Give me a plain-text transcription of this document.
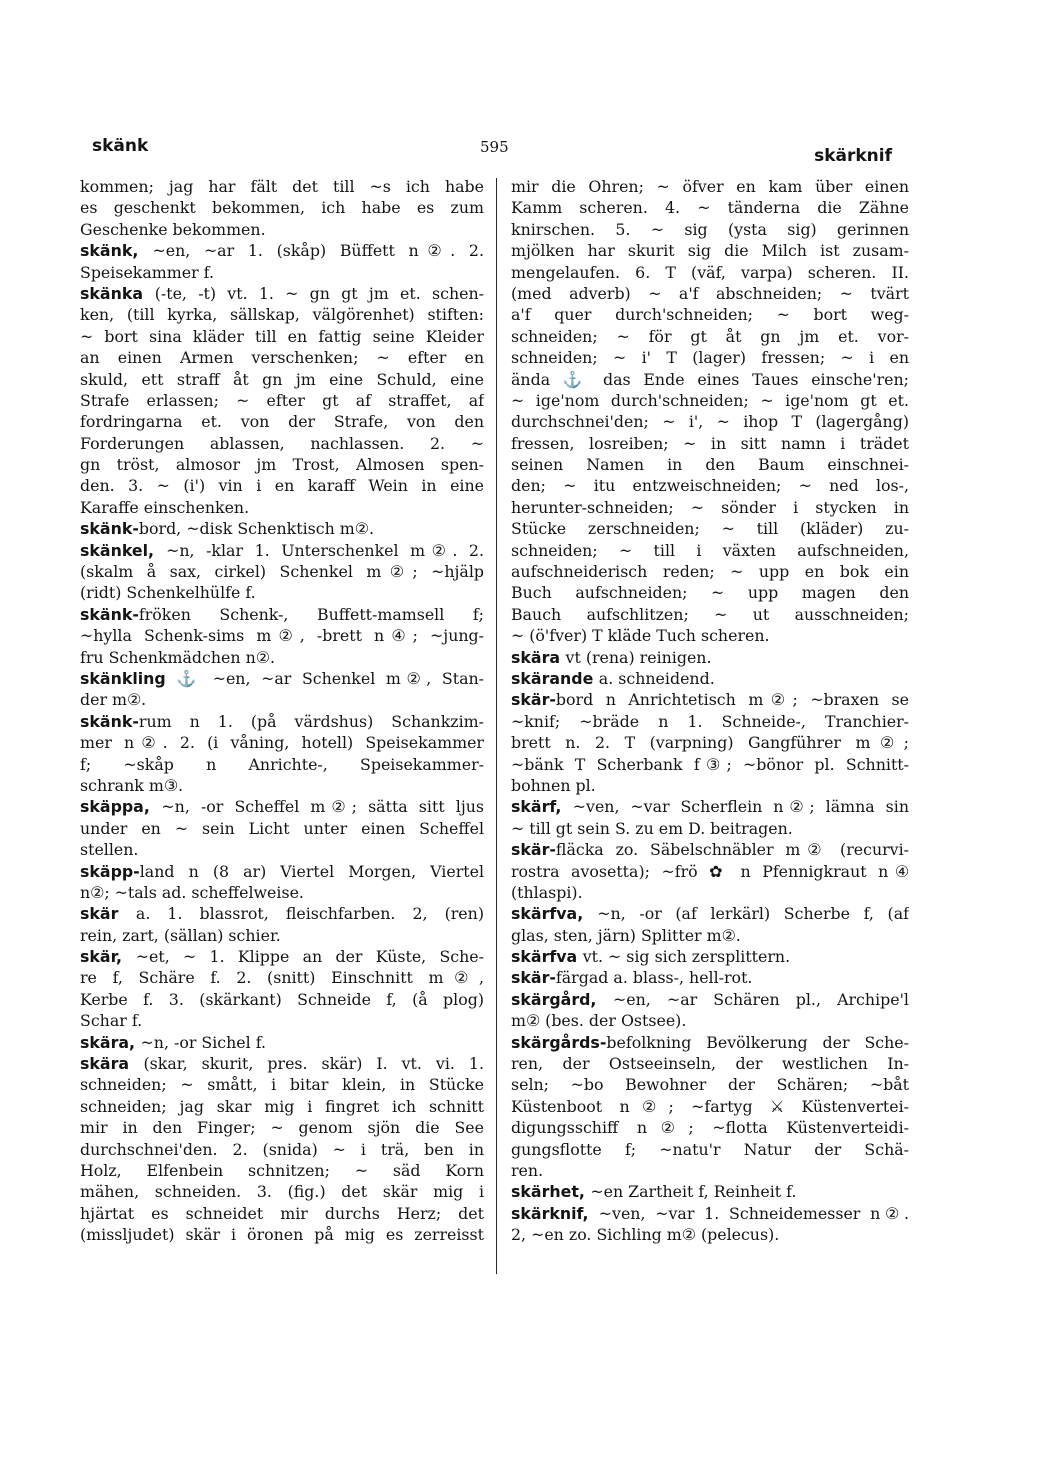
skänk	595	skärknif
kommen; jag har fält det till ~s ich habe
es geschenkt bekommen, ich habe es zum
Geschenke bekommen.
skänk, ~en, ~ar 1. (skåp) Büffett n②. 2.
Speisekammer f.
skänka (-te, -t) vt. 1. ~ gn gt jm et. schen-
ken, (till kyrka, sällskap, välgörenhet) stiften:
~ bort sina kläder till en fattig seine Kleider
an einen Armen verschenken; ~ efter en
skuld, ett straff åt gn jm eine Schuld, eine
Strafe erlassen; ~ efter gt af straffet, af
fordringarna et. von der Strafe, von den
Forderungen ablassen, nachlassen. 2. ~
gn tröst, almosor jm Trost, Almosen spen-
den. 3. ~ (i') vin i en karaff Wein in eine
Karaffe einschenken.
skänk-bord, ~disk Schenktisch m②.
skänkel, ~n, -klar 1. Unterschenkel m②. 2.
(skalm å sax, cirkel) Schenkel m②; ~hjälp
(ridt) Schenkelhülfe f.
skänk-fröken Schenk-, Buffett-mamsell f;
~hylla Schenk-sims m②, -brett n④; ~jung-
fru Schenkmädchen n②.
skänkling ⚓ ~en, ~ar Schenkel m②, Stan-
der m②.
skänk-rum n 1. (på värdshus) Schankzim-
mer n②. 2. (i våning, hotell) Speisekammer
f; ~skåp n Anrichte-, Speisekammer-
schrank m③.
skäppa, ~n, -or Scheffel m②; sätta sitt ljus
under en ~ sein Licht unter einen Scheffel
stellen.
skäpp-land n (8 ar) Viertel Morgen, Viertel
n②; ~tals ad. scheffelweise.
skär a. 1. blassrot, fleischfarben. 2, (ren)
rein, zart, (sällan) schier.
skär, ~et, ~ 1. Klippe an der Küste, Sche-
re f, Schäre f. 2. (snitt) Einschnitt m②,
Kerbe f. 3. (skärkant) Schneide f, (å plog)
Schar f.
skära, ~n, -or Sichel f.
skära (skar, skurit, pres. skär) I. vt. vi. 1.
schneiden; ~ smått, i bitar klein, in Stücke
schneiden; jag skar mig i fingret ich schnitt
mir in den Finger; ~ genom sjön die See
durchschnei'den. 2. (snida) ~ i trä, ben in
Holz, Elfenbein schnitzen; ~ säd Korn
mähen, schneiden. 3. (fig.) det skär mig i
hjärtat es schneidet mir durchs Herz; det
(missljudet) skär i öronen på mig es zerreisst
mir die Ohren; ~ öfver en kam über einen
Kamm scheren. 4. ~ tänderna die Zähne
knirschen. 5. ~ sig (ysta sig) gerinnen
mjölken har skurit sig die Milch ist zusam-
mengelaufen. 6. T (väf, varpa) scheren. II.
(med adverb) ~ a'f abschneiden; ~ tvärt
a'f quer durch'schneiden; ~ bort weg-
schneiden; ~ för gt åt gn jm et. vor-
schneiden; ~ i' T (lager) fressen; ~ i en
ända ⚓ das Ende eines Taues einsche'ren;
~ ige'nom durch'schneiden; ~ ige'nom gt et.
durchschnei'den; ~ i', ~ ihop T (lagergång)
fressen, losreiben; ~ in sitt namn i trädet
seinen Namen in den Baum einschnei-
den; ~ itu entzweischneiden; ~ ned los-,
herunter-schneiden; ~ sönder i stycken in
Stücke zerschneiden; ~ till (kläder) zu-
schneiden; ~ till i växten aufschneiden,
aufschneiderisch reden; ~ upp en bok ein
Buch aufschneiden; ~ upp magen den
Bauch aufschlitzen; ~ ut ausschneiden;
~ (ö'fver) T kläde Tuch scheren.
skära vt (rena) reinigen.
skärande a. schneidend.
skär-bord n Anrichtetisch m②; ~braxen se
~knif; ~bräde n 1. Schneide-, Tranchier-
brett n. 2. T (varpning) Gangführer m②;
~bänk T Scherbank f③; ~bönor pl. Schnitt-
bohnen pl.
skärf, ~ven, ~var Scherflein n②; lämna sin
~ till gt sein S. zu em D. beitragen.
skär-fläcka zo. Säbelschnäbler m② (recurvi-
rostra avosetta); ~frö ✿ n Pfennigkraut n④
(thlaspi).
skärfva, ~n, -or (af lerkärl) Scherbe f, (af
glas, sten, järn) Splitter m②.
skärfva vt. ~ sig sich zersplittern.
skär-färgad a. blass-, hell-rot.
skärgård, ~en, ~ar Schären pl., Archipe'l
m② (bes. der Ostsee).
skärgårds-befolkning Bevölkerung der Sche-
ren, der Ostseeinseln, der westlichen In-
seln; ~bo Bewohner der Schären; ~båt
Küstenboot n②; ~fartyg ⚔ Küstenvertei-
digungsschiff n②; ~flotta Küstenverteidi-
gungsflotte f; ~natu'r Natur der Schä-
ren.
skärhet, ~en Zartheit f, Reinheit f.
skärknif, ~ven, ~var 1. Schneidemesser n②.
2, ~en zo. Sichling m② (pelecus).
